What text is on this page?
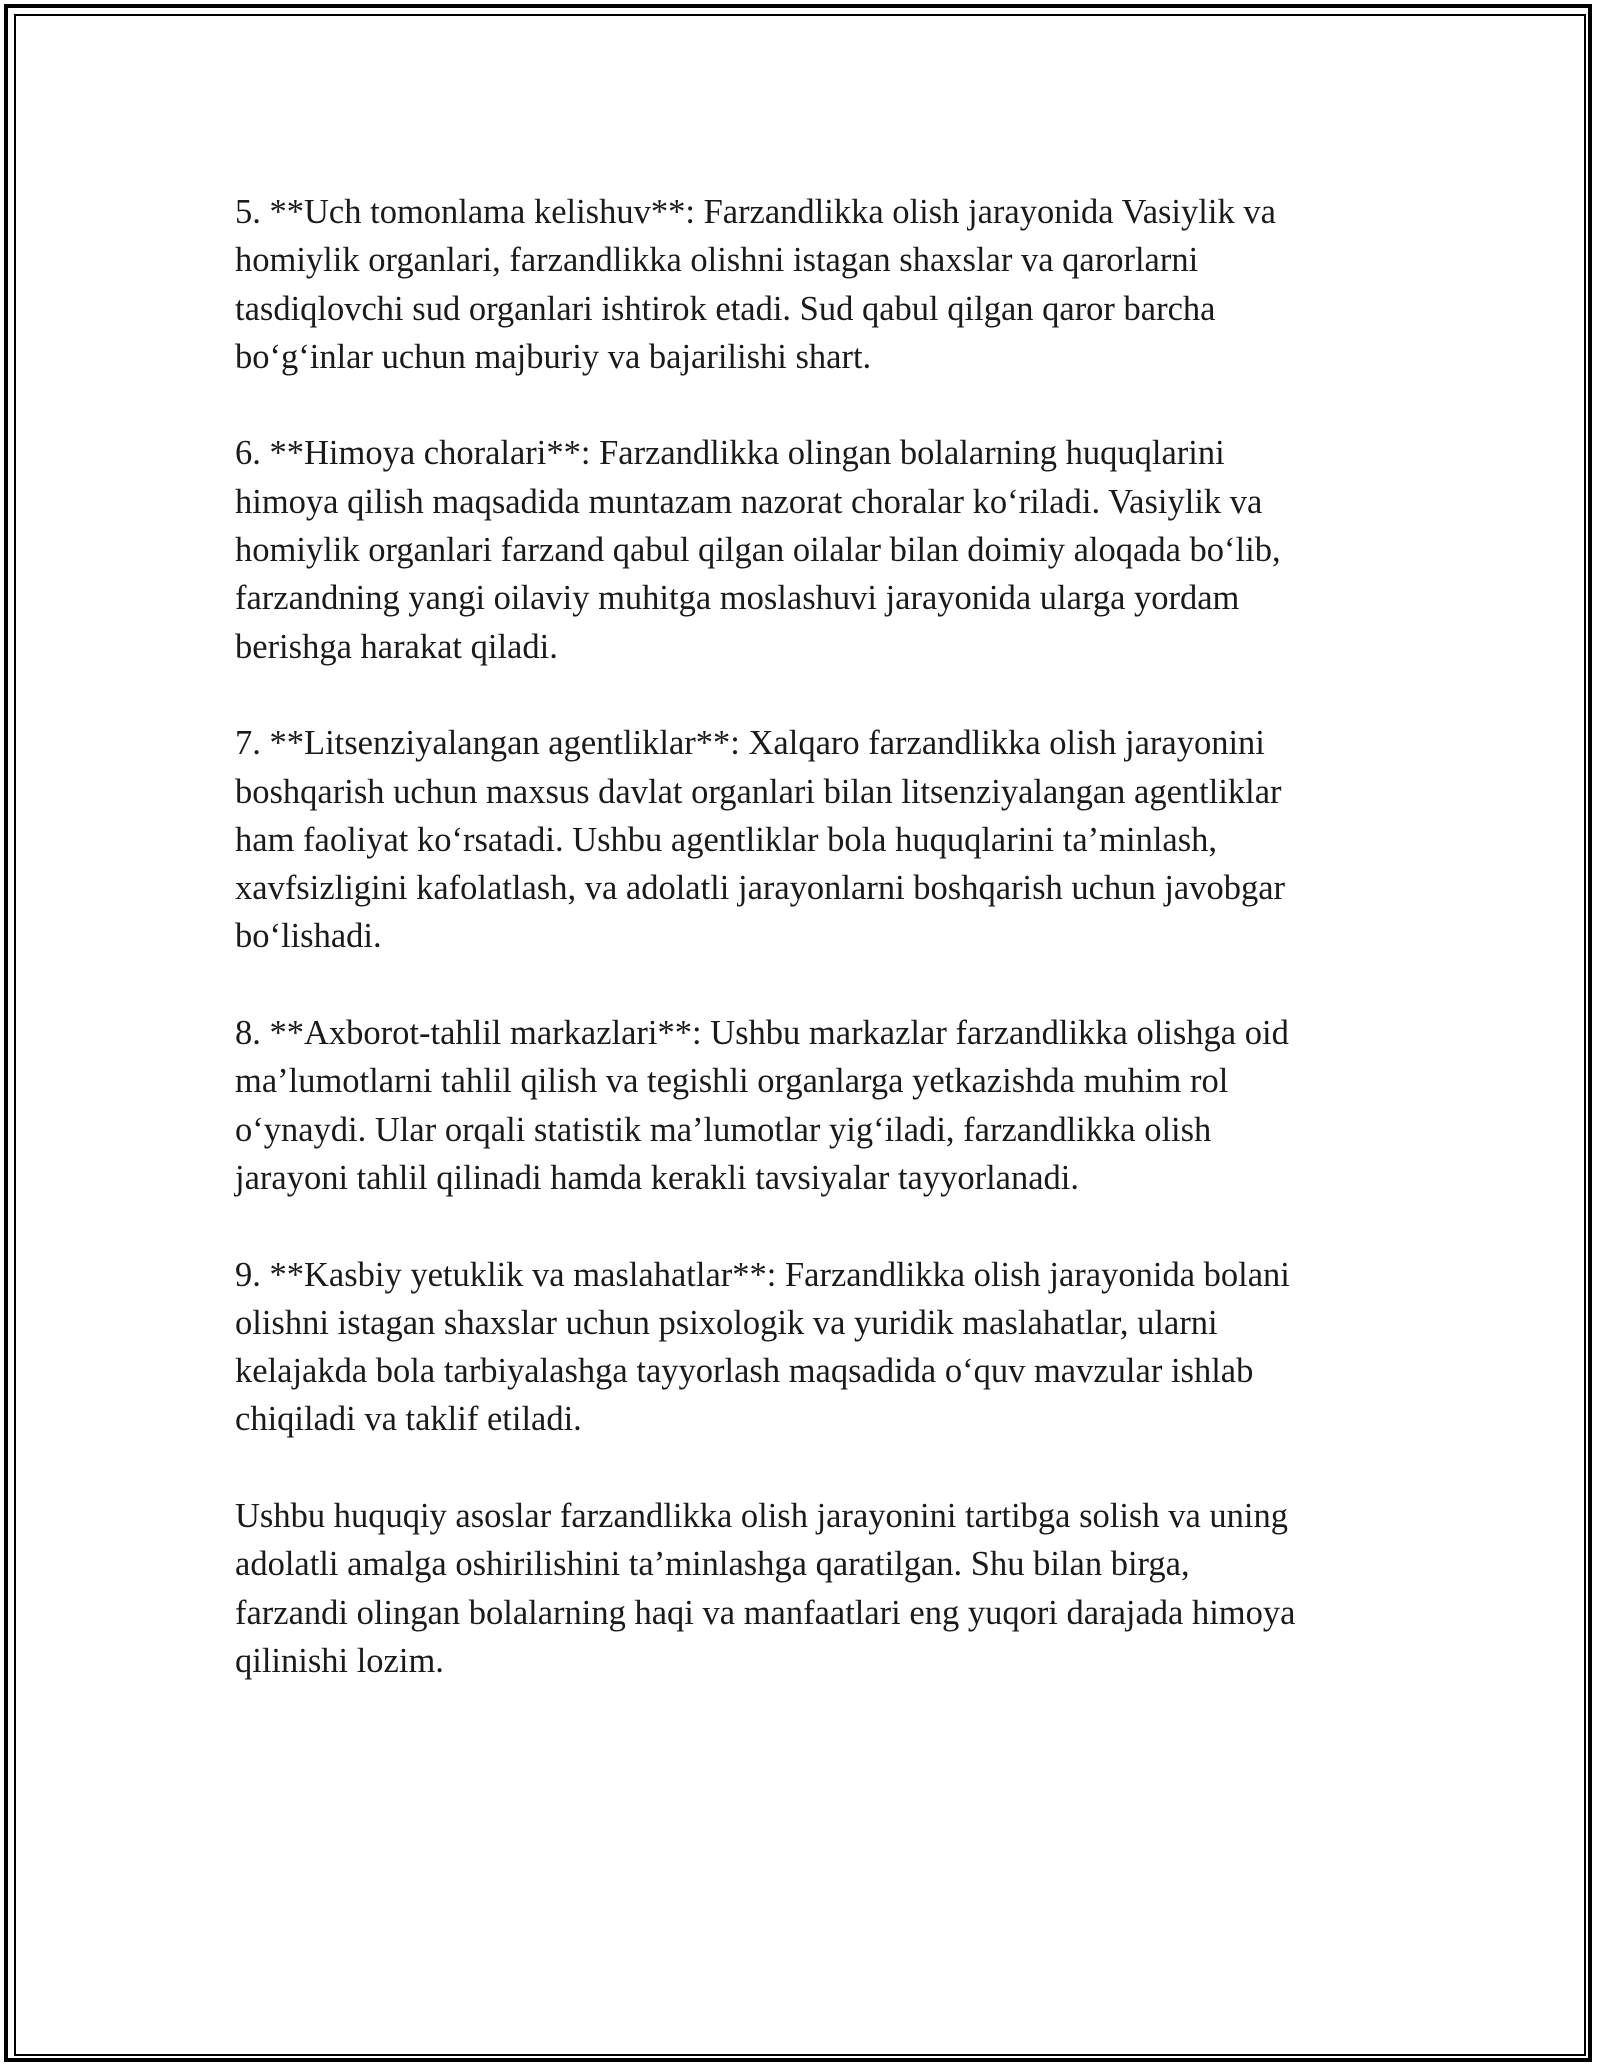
5. **Uch tomonlama kelishuv**: Farzandlikka olish jarayonida Vasiylik va
homiylik organlari, farzandlikka olishni istagan shaxslar va qarorlarni
tasdiqlovchi sud organlari ishtirok etadi. Sud qabul qilgan qaror barcha
bo‘g‘inlar uchun majburiy va bajarilishi shart.

6. **Himoya choralari**: Farzandlikka olingan bolalarning huquqlarini
himoya qilish maqsadida muntazam nazorat choralar ko‘riladi. Vasiylik va
homiylik organlari farzand qabul qilgan oilalar bilan doimiy aloqada bo‘lib,
farzandning yangi oilaviy muhitga moslashuvi jarayonida ularga yordam
berishga harakat qiladi.

7. **Litsenziyalangan agentliklar**: Xalqaro farzandlikka olish jarayonini
boshqarish uchun maxsus davlat organlari bilan litsenziyalangan agentliklar
ham faoliyat ko‘rsatadi. Ushbu agentliklar bola huquqlarini ta’minlash,
xavfsizligini kafolatlash, va adolatli jarayonlarni boshqarish uchun javobgar
bo‘lishadi.

8. **Axborot-tahlil markazlari**: Ushbu markazlar farzandlikka olishga oid
ma’lumotlarni tahlil qilish va tegishli organlarga yetkazishda muhim rol
o‘ynaydi. Ular orqali statistik ma’lumotlar yig‘iladi, farzandlikka olish
jarayoni tahlil qilinadi hamda kerakli tavsiyalar tayyorlanadi.

9. **Kasbiy yetuklik va maslahatlar**: Farzandlikka olish jarayonida bolani
olishni istagan shaxslar uchun psixologik va yuridik maslahatlar, ularni
kelajakda bola tarbiyalashga tayyorlash maqsadida o‘quv mavzular ishlab
chiqiladi va taklif etiladi.

Ushbu huquqiy asoslar farzandlikka olish jarayonini tartibga solish va uning
adolatli amalga oshirilishini ta’minlashga qaratilgan. Shu bilan birga,
farzandi olingan bolalarning haqi va manfaatlari eng yuqori darajada himoya
qilinishi lozim.
